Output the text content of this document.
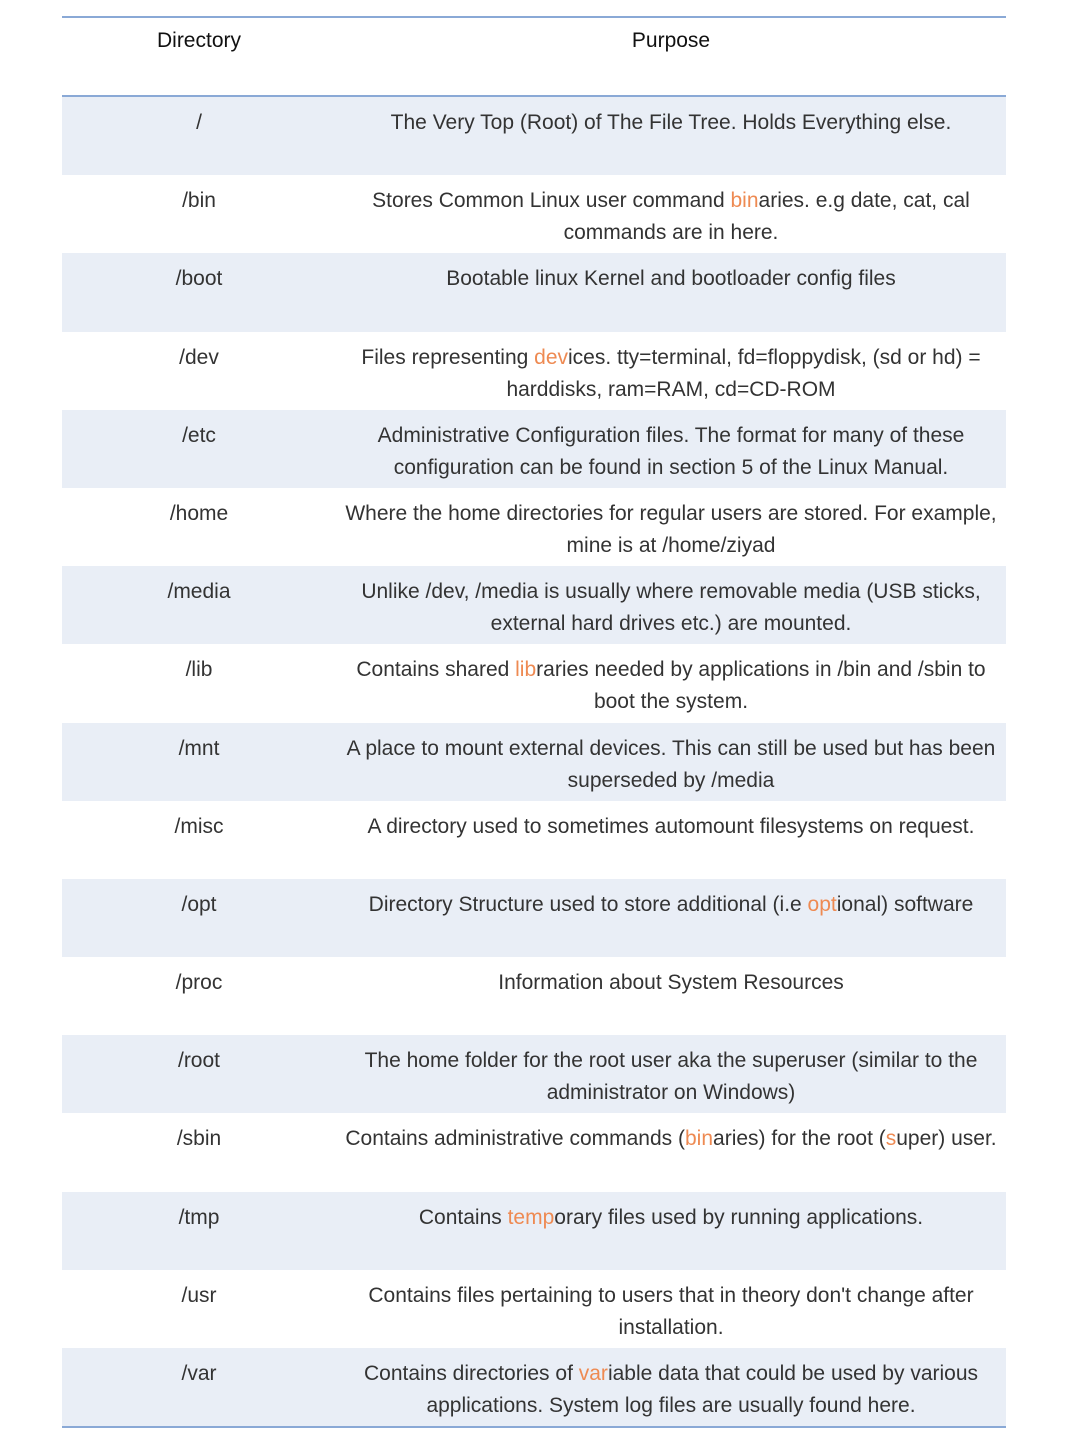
Directory	Purpose
/	The Very Top (Root) of The File Tree. Holds Everything else.
/bin	Stores Common Linux user command binaries. e.g date, cat, cal commands are in here.
/boot	Bootable linux Kernel and bootloader config files
/dev	Files representing devices. tty=terminal, fd=floppydisk, (sd or hd) = harddisks, ram=RAM, cd=CD-ROM
/etc	Administrative Configuration files. The format for many of these configuration can be found in section 5 of the Linux Manual.
/home	Where the home directories for regular users are stored. For example, mine is at /home/ziyad
/media	Unlike /dev, /media is usually where removable media (USB sticks, external hard drives etc.) are mounted.
/lib	Contains shared libraries needed by applications in /bin and /sbin to boot the system.
/mnt	A place to mount external devices. This can still be used but has been superseded by /media
/misc	A directory used to sometimes automount filesystems on request.
/opt	Directory Structure used to store additional (i.e optional) software
/proc	Information about System Resources
/root	The home folder for the root user aka the superuser (similar to the administrator on Windows)
/sbin	Contains administrative commands (binaries) for the root (super) user.
/tmp	Contains temporary files used by running applications.
/usr	Contains files pertaining to users that in theory don't change after installation.
/var	Contains directories of variable data that could be used by various applications. System log files are usually found here.
